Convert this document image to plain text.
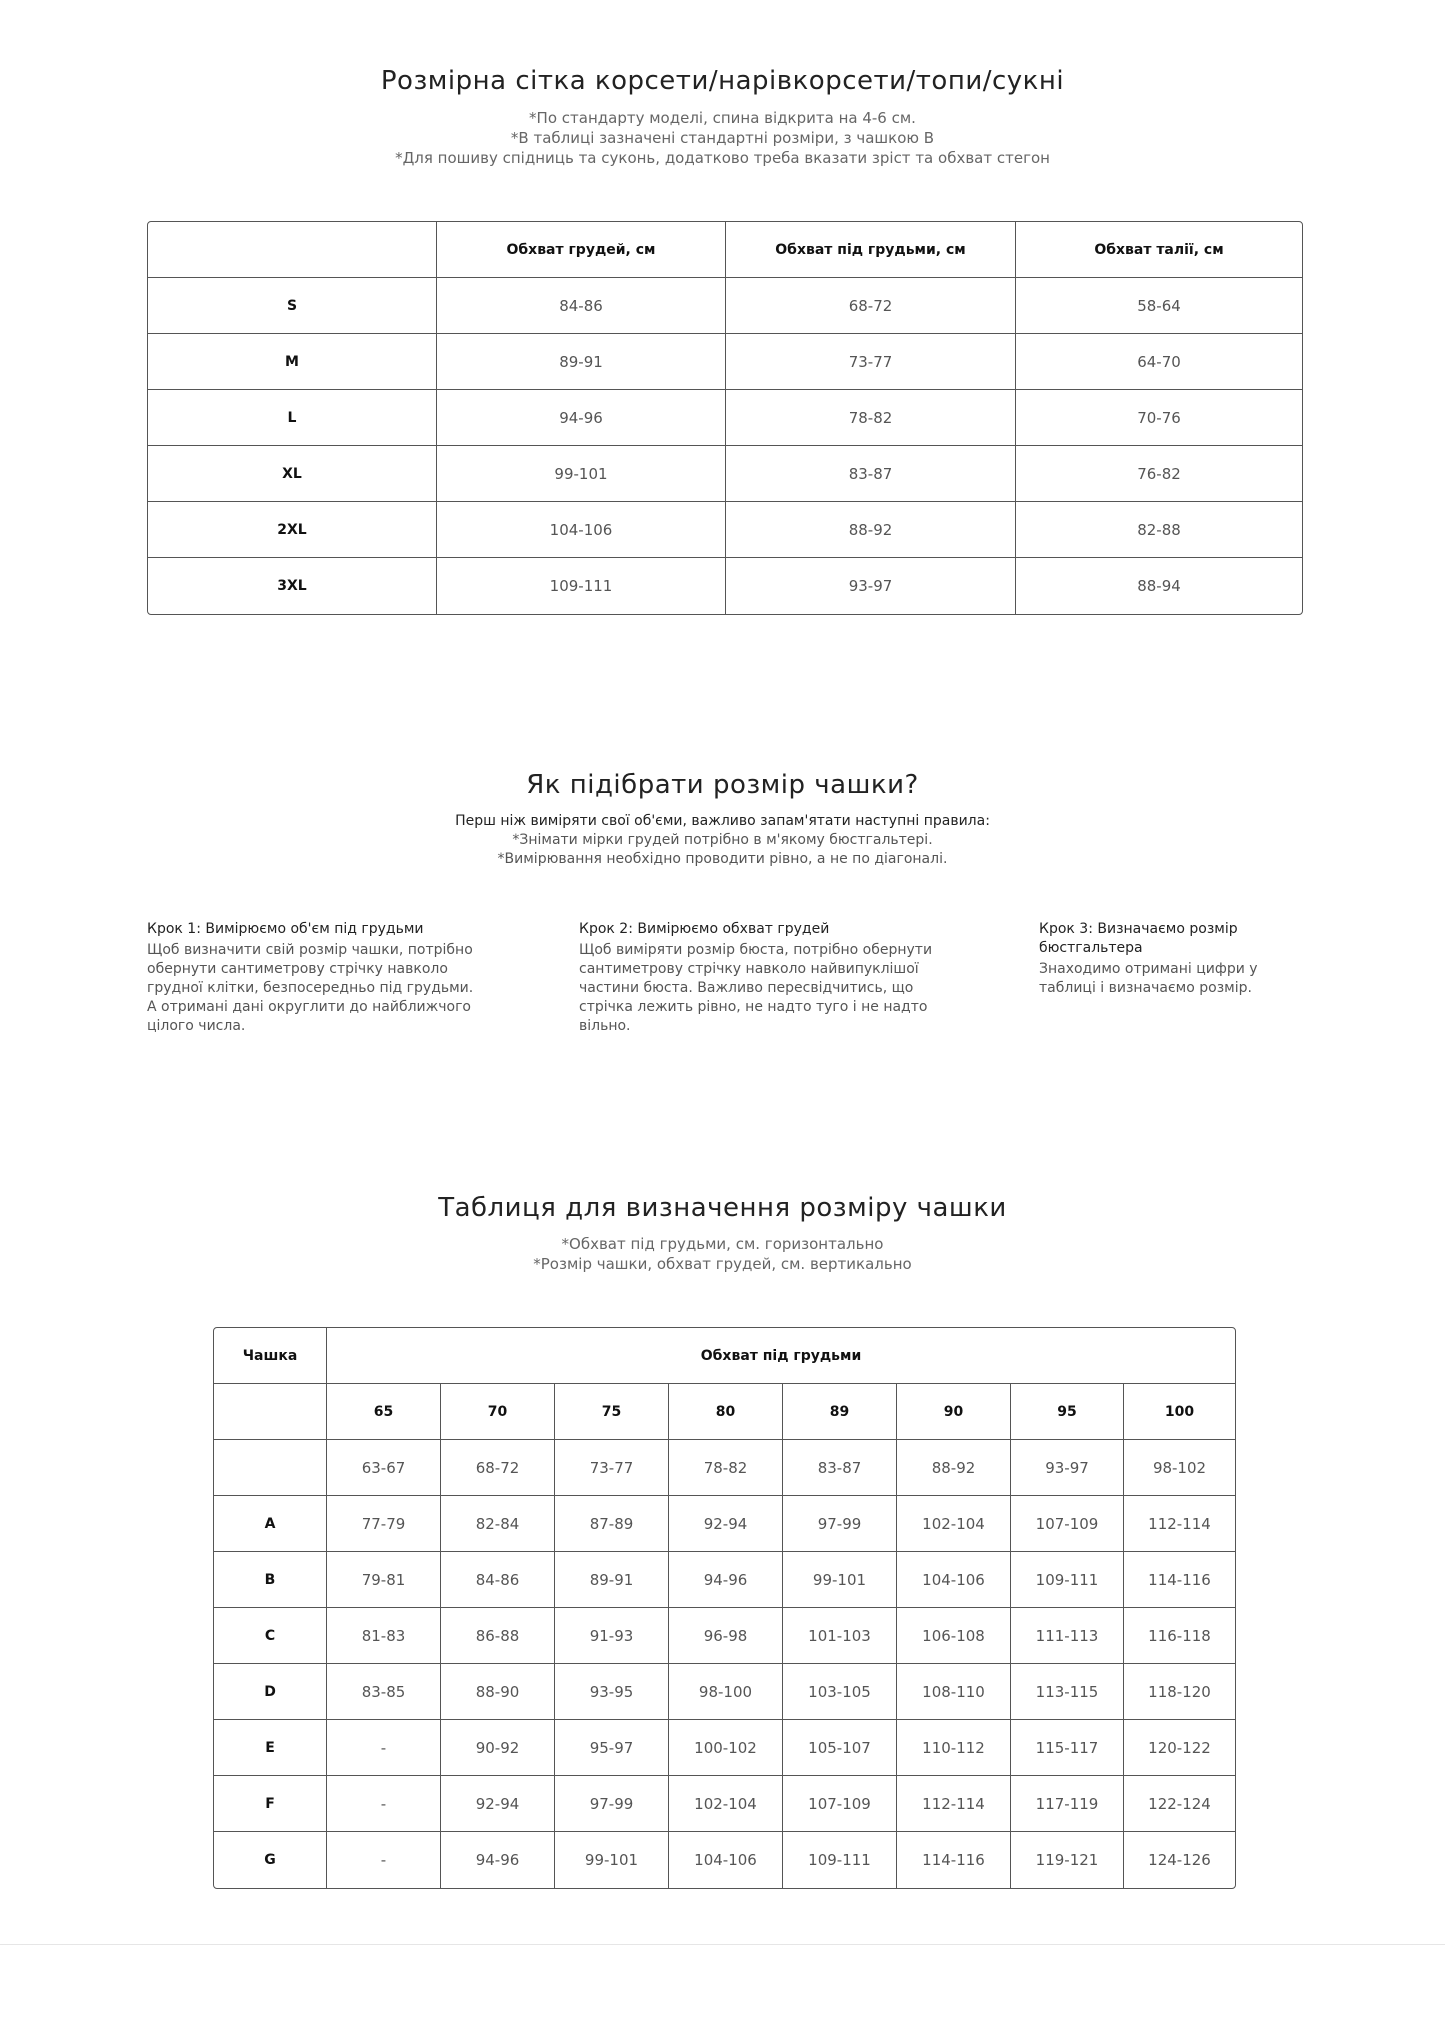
Розмірна сітка корсети/нарівкорсети/топи/сукні
*По стандарту моделі, спина відкрита на 4-6 см.
*В таблиці зазначені стандартні розміри, з чашкою В
*Для пошиву спідниць та суконь, додатково треба вказати зріст та обхват стегон
	Обхват грудей, см	Обхват під грудьми, см	Обхват талії, см
S	84-86	68-72	58-64
M	89-91	73-77	64-70
L	94-96	78-82	70-76
XL	99-101	83-87	76-82
2XL	104-106	88-92	82-88
3XL	109-111	93-97	88-94
Як підібрати розмір чашки?
Перш ніж виміряти свої об'єми, важливо запам'ятати наступні правила:
*Знімати мірки грудей потрібно в м'якому бюстгальтері.
*Вимірювання необхідно проводити рівно, а не по діагоналі.
Крок 1: Вимірюємо об'єм під грудьми
Щоб визначити свій розмір чашки, потрібно
обернути сантиметрову стрічку навколо
грудної клітки, безпосередньо під грудьми.
А отримані дані округлити до найближчого
цілого числа.
Крок 2: Вимірюємо обхват грудей
Щоб виміряти розмір бюста, потрібно обернути
сантиметрову стрічку навколо найвипуклішої
частини бюста. Важливо пересвідчитись, що
стрічка лежить рівно, не надто туго і не надто
вільно.
Крок 3: Визначаємо розмір
бюстгальтера
Знаходимо отримані цифри у
таблиці і визначаємо розмір.
Таблиця для визначення розміру чашки
*Обхват під грудьми, см. горизонтально
*Розмір чашки, обхват грудей, см. вертикально
Чашка	Обхват під грудьми							
	65	70	75	80	89	90	95	100
	63-67	68-72	73-77	78-82	83-87	88-92	93-97	98-102
A	77-79	82-84	87-89	92-94	97-99	102-104	107-109	112-114
B	79-81	84-86	89-91	94-96	99-101	104-106	109-111	114-116
C	81-83	86-88	91-93	96-98	101-103	106-108	111-113	116-118
D	83-85	88-90	93-95	98-100	103-105	108-110	113-115	118-120
E	-	90-92	95-97	100-102	105-107	110-112	115-117	120-122
F	-	92-94	97-99	102-104	107-109	112-114	117-119	122-124
G	-	94-96	99-101	104-106	109-111	114-116	119-121	124-126
